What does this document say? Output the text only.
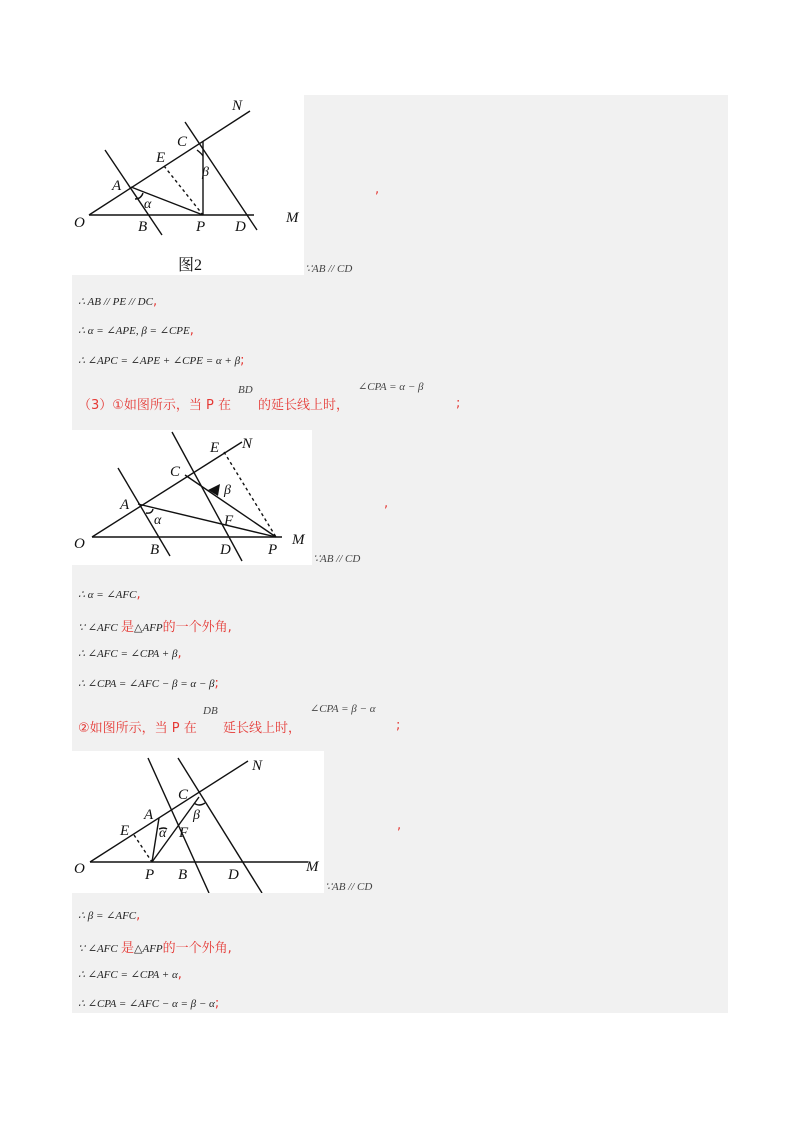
N
C
E
β
A
α
O	B	P D
M
图2
,
∵AB // CD
∴ AB // PE // DC,
∴ α = ∠APE, β = ∠CPE,
∴ ∠APC = ∠APE + ∠CPE = α + β;
（3）①如图所示，当 P 在
BD
的延长线上时，
∠CPA = α − β
;
E N
C
β
A
α	F
O	B	D P
M
,
∵AB // CD
∴ α = ∠AFC,
∵ ∠AFC 是△AFP的一个外角,
∴ ∠AFC = ∠CPA + β,
∴ ∠CPA = ∠AFC − β = α − β;
②如图所示，当 P 在
DB
延长线上时，
∠CPA = β − α
;
N
C
A	β
E α F
O	P B	D	M
,
∵AB // CD
∴ β = ∠AFC,
∵ ∠AFC 是△AFP的一个外角,
∴ ∠AFC = ∠CPA + α,
∴ ∠CPA = ∠AFC − α = β − α;
